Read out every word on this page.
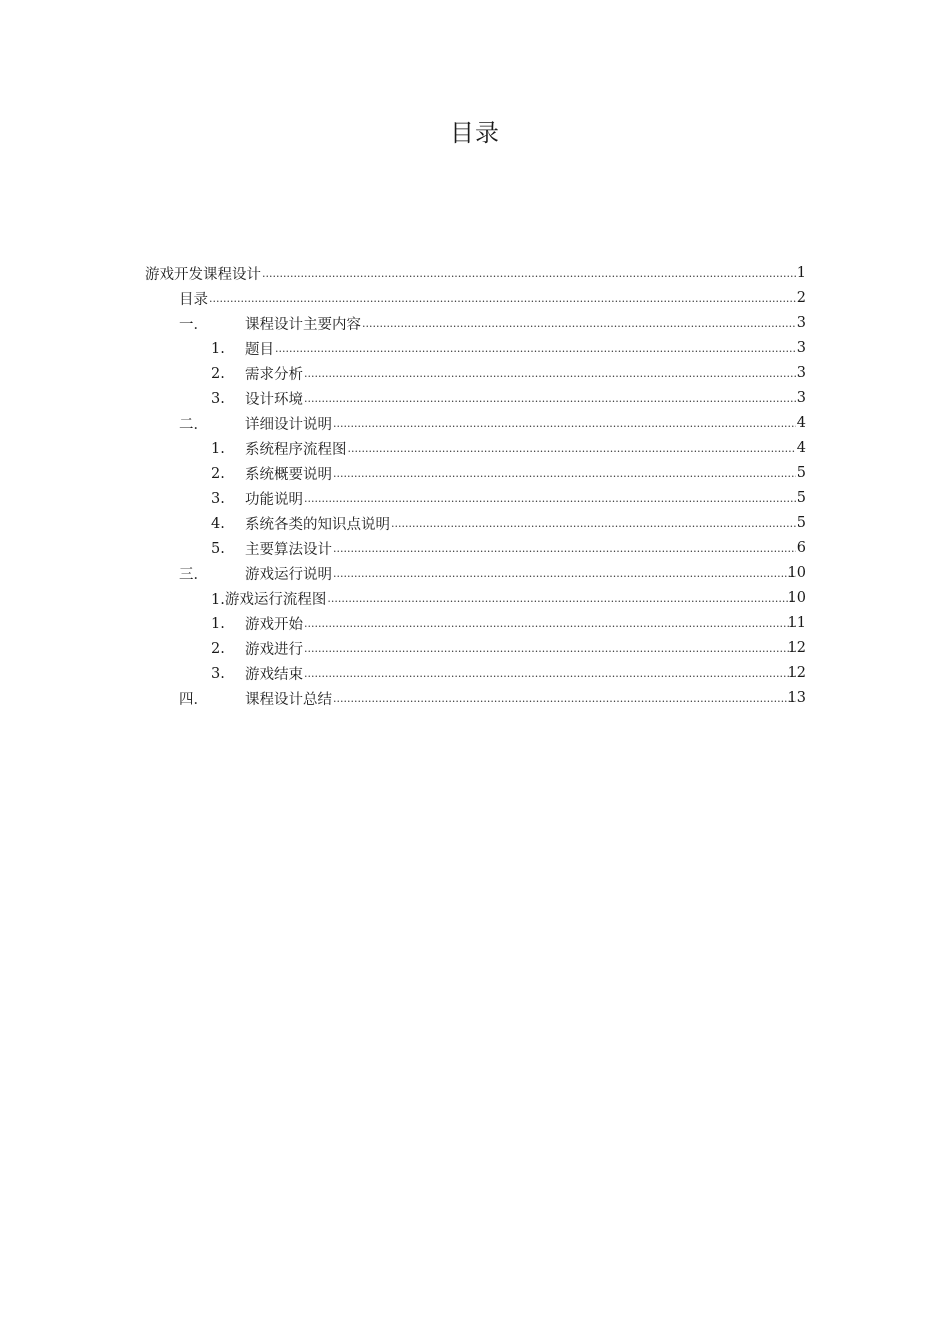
目录
游戏开发课程设计 .....	1
目录 .....	2
一．	课程设计主要内容 .....	3
1.	题目 .....	3
2.	需求分析 .....	3
3.	设计环境 .....	3
二．	详细设计说明 .....	4
1.	系统程序流程图 .....	4
2.	系统概要说明 .....	5
3.	功能说明 .....	5
4.	系统各类的知识点说明 .....	5
5.	主要算法设计 .....	6
三．	游戏运行说明 .....	10
1.游戏运行流程图 .....	10
1.	游戏开始 .....	11
2.	游戏进行 .....	12
3.	游戏结束 .....	12
四．	课程设计总结 .....	13
